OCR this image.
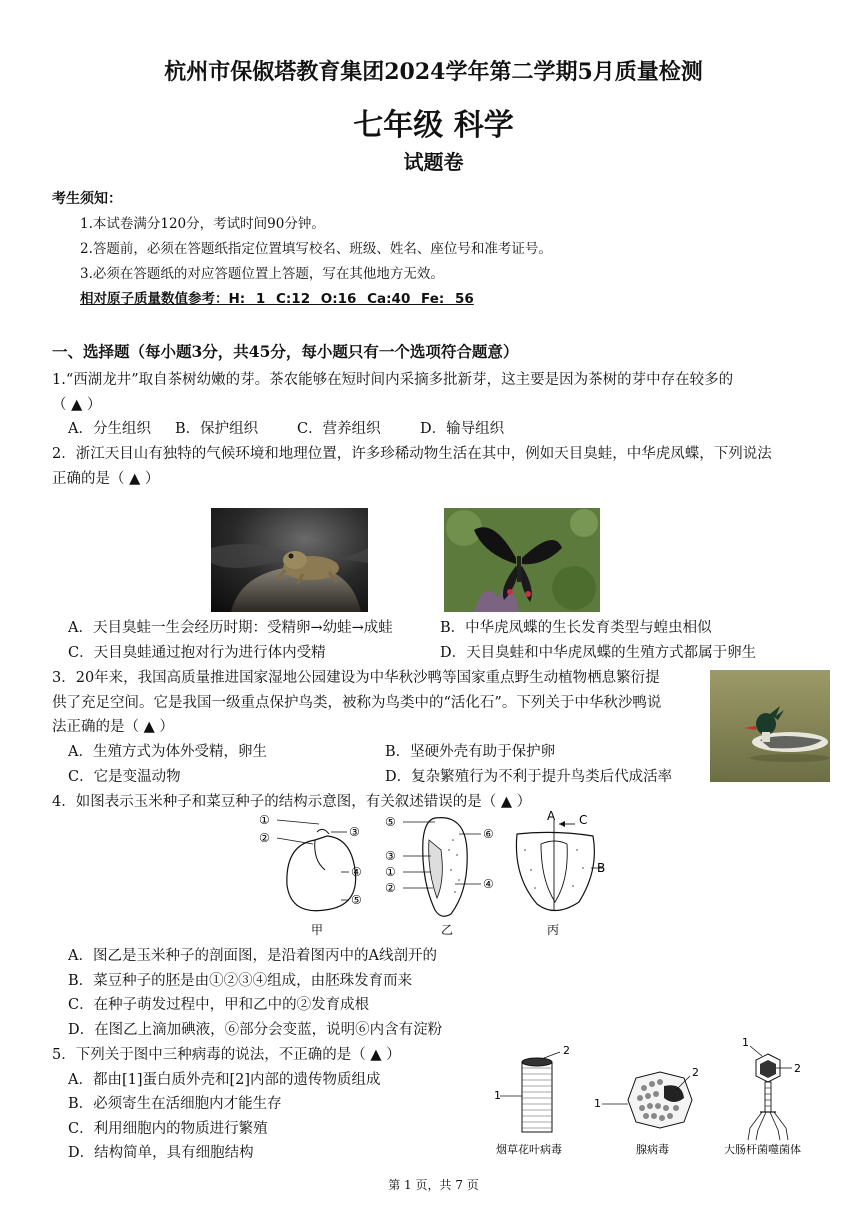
杭州市保俶塔教育集团2024学年第二学期5月质量检测
七年级 科学
试题卷
考生须知：
1.本试卷满分120分，考试时间90分钟。
2.答题前，必须在答题纸指定位置填写校名、班级、姓名、座位号和准考证号。
3.必须在答题纸的对应答题位置上答题，写在其他地方无效。
相对原子质量数值参考：H: 1 C:12 O:16 Ca:40 Fe: 56
一、选择题（每小题3分，共45分，每小题只有一个选项符合题意）
1.“西湖龙井”取自茶树幼嫩的芽。茶农能够在短时间内采摘多批新芽，这主要是因为茶树的芽中存在较多的
（ ▲ ）
A．分生组织 B．保护组织	C．营养组织	D．输导组织
2．浙江天目山有独特的气候环境和地理位置，许多珍稀动物生活在其中，例如天目臭蛙，中华虎凤蝶，下列说法
正确的是（ ▲ ）
A．天目臭蛙一生会经历时期：受精卵→幼蛙→成蛙	B．中华虎凤蝶的生长发育类型与蝗虫相似
C．天目臭蛙通过抱对行为进行体内受精	D．天目臭蛙和中华虎凤蝶的生殖方式都属于卵生
3．20年来，我国高质量推进国家湿地公园建设为中华秋沙鸭等国家重点野生动植物栖息繁衍提
供了充足空间。它是我国一级重点保护鸟类，被称为鸟类中的“活化石”。下列关于中华秋沙鸭说
法正确的是（ ▲ ）
A．生殖方式为体外受精，卵生	B．坚硬外壳有助于保护卵
C．它是变温动物	D．复杂繁殖行为不利于提升鸟类后代成活率
4．如图表示玉米种子和菜豆种子的结构示意图，有关叙述错误的是（ ▲ ）
①
②	③
④
⑤
甲
⑤
③
①
②
⑥
④
乙
A C
B
丙
A．图乙是玉米种子的剖面图，是沿着图丙中的A线剖开的
B．菜豆种子的胚是由①②③④组成，由胚珠发育而来
C．在种子萌发过程中，甲和乙中的②发育成根
D．在图乙上滴加碘液，⑥部分会变蓝，说明⑥内含有淀粉
5．下列关于图中三种病毒的说法，不正确的是（ ▲ ）
A．都由[1]蛋白质外壳和[2]内部的遗传物质组成
B．必须寄生在活细胞内才能生存
C．利用细胞内的物质进行繁殖
D．结构简单，具有细胞结构
2
1
烟草花叶病毒
2
1
腺病毒
1
2
大肠杆菌噬菌体
第 1 页，共 7 页
